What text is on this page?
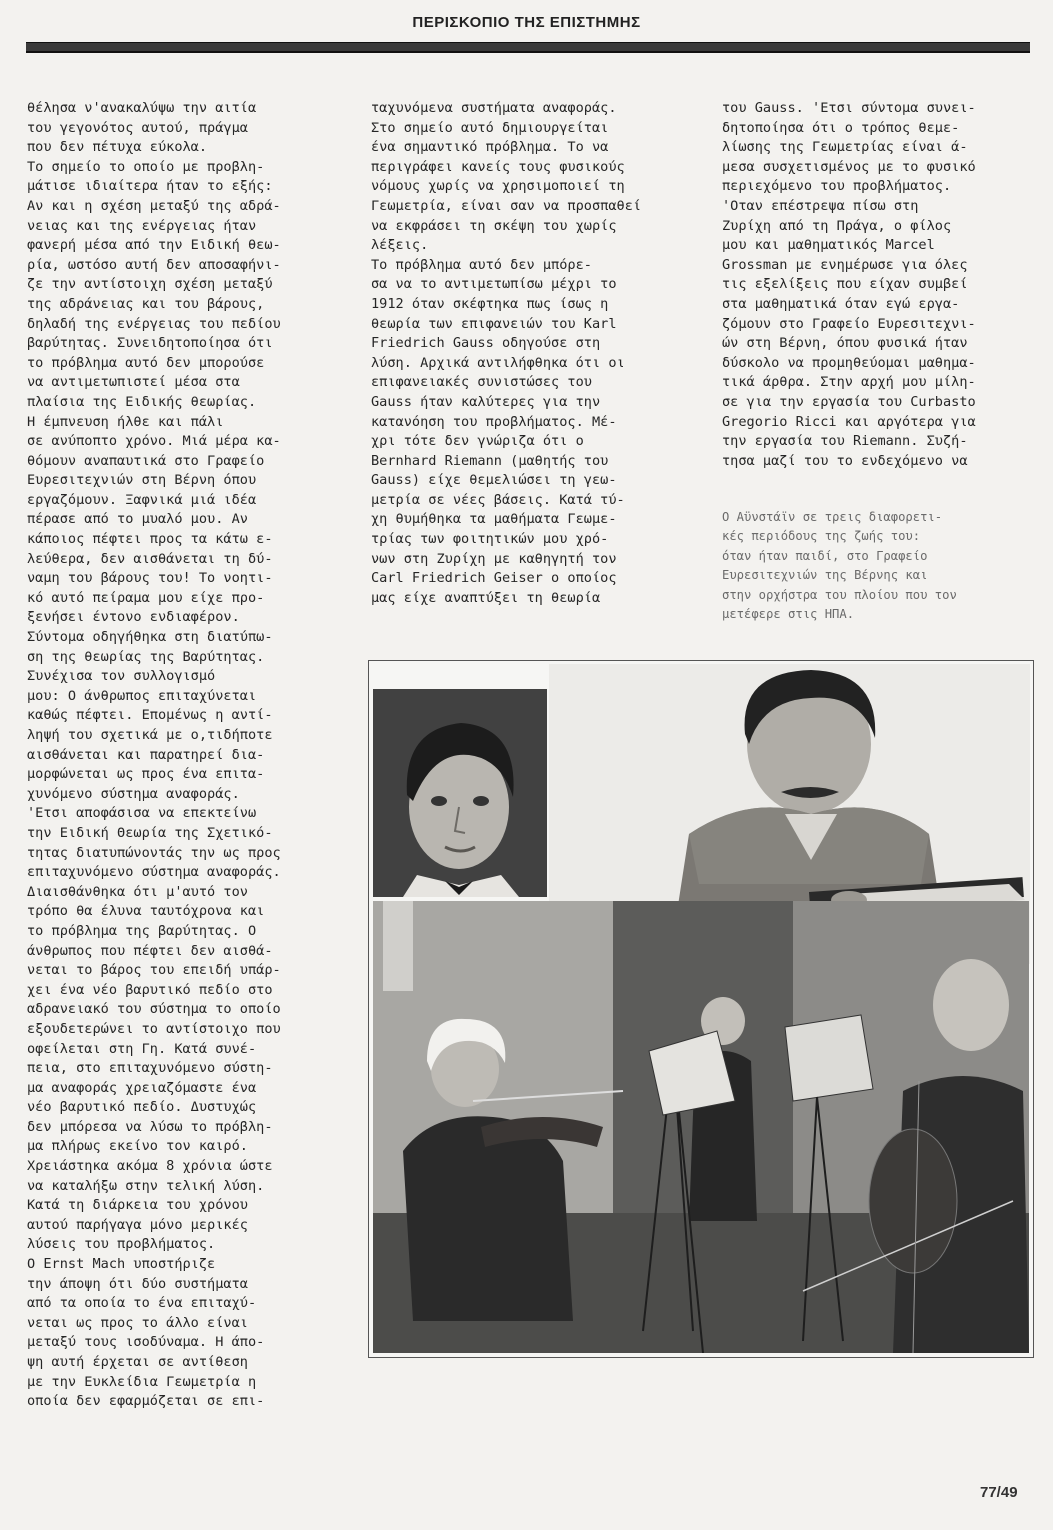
ΠΕΡΙΣΚΟΠΙΟ ΤΗΣ ΕΠΙΣΤΗΜΗΣ

θέλησα ν'ανακαλύψω την αιτία

του γεγονότος αυτού, πράγμα

που δεν πέτυχα εύκολα.

Το σημείο το οποίο με προβλη-

μάτισε ιδιαίτερα ήταν το εξής:

Αν και η σχέση μεταξύ της αδρά-

νειας και της ενέργειας ήταν

φανερή μέσα από την Ειδική θεω-

ρία, ωστόσο αυτή δεν αποσαφήνι-

ζε την αντίστοιχη σχέση μεταξύ

της αδράνειας και του βάρους,

δηλαδή της ενέργειας του πεδίου

βαρύτητας. Συνειδητοποίησα ότι

το πρόβλημα αυτό δεν μπορούσε

να αντιμετωπιστεί μέσα στα

πλαίσια της Ειδικής θεωρίας.

Η έμπνευση ήλθε και πάλι

σε ανύποπτο χρόνο. Μιά μέρα κα-

θόμουν αναπαυτικά στο Γραφείο

Ευρεσιτεχνιών στη Βέρνη όπου

εργαζόμουν. Ξαφνικά μιά ιδέα

πέρασε από το μυαλό μου. Αν

κάποιος πέφτει προς τα κάτω ε-

λεύθερα, δεν αισθάνεται τη δύ-

ναμη του βάρους του! Το νοητι-

κό αυτό πείραμα μου είχε προ-

ξενήσει έντονο ενδιαφέρον.

Σύντομα οδηγήθηκα στη διατύπω-

ση της θεωρίας της Βαρύτητας.

Συνέχισα τον συλλογισμό

μου: Ο άνθρωπος επιταχύνεται

καθώς πέφτει. Επομένως η αντί-

ληψή του σχετικά με ο,τιδήποτε

αισθάνεται και παρατηρεί δια-

μορφώνεται ως προς ένα επιτα-

χυνόμενο σύστημα αναφοράς.

'Ετσι αποφάσισα να επεκτείνω

την Ειδική Θεωρία της Σχετικό-

τητας διατυπώνοντάς την ως προς

επιταχυνόμενο σύστημα αναφοράς.

Διαισθάνθηκα ότι μ'αυτό τον

τρόπο θα έλυνα ταυτόχρονα και

το πρόβλημα της βαρύτητας. Ο

άνθρωπος που πέφτει δεν αισθά-

νεται το βάρος του επειδή υπάρ-

χει ένα νέο βαρυτικό πεδίο στο

αδρανειακό του σύστημα το οποίο

εξουδετερώνει το αντίστοιχο που

οφείλεται στη Γη. Κατά συνέ-

πεια, στο επιταχυνόμενο σύστη-

μα αναφοράς χρειαζόμαστε ένα

νέο βαρυτικό πεδίο. Δυστυχώς

δεν μπόρεσα να λύσω το πρόβλη-

μα πλήρως εκείνο τον καιρό.

Χρειάστηκα ακόμα 8 χρόνια ώστε

να καταλήξω στην τελική λύση.

Κατά τη διάρκεια του χρόνου

αυτού παρήγαγα μόνο μερικές

λύσεις του προβλήματος.

Ο Ernst Mach υποστήριζε

την άποψη ότι δύο συστήματα

από τα οποία το ένα επιταχύ-

νεται ως προς το άλλο είναι

μεταξύ τους ισοδύναμα. Η άπο-

ψη αυτή έρχεται σε αντίθεση

με την Ευκλείδια Γεωμετρία η

οποία δεν εφαρμόζεται σε επι-

ταχυνόμενα συστήματα αναφοράς.

Στο σημείο αυτό δημιουργείται

ένα σημαντικό πρόβλημα. Το να

περιγράφει κανείς τους φυσικούς

νόμους χωρίς να χρησιμοποιεί τη

Γεωμετρία, είναι σαν να προσπαθεί

να εκφράσει τη σκέψη του χωρίς

λέξεις.

Το πρόβλημα αυτό δεν μπόρε-

σα να το αντιμετωπίσω μέχρι το

1912 όταν σκέφτηκα πως ίσως η

θεωρία των επιφανειών του Karl

Friedrich Gauss οδηγούσε στη

λύση. Αρχικά αντιλήφθηκα ότι οι

επιφανειακές συνιστώσες του

Gauss ήταν καλύτερες για την

κατανόηση του προβλήματος. Μέ-

χρι τότε δεν γνώριζα ότι ο

Bernhard Riemann (μαθητής του

Gauss) είχε θεμελιώσει τη γεω-

μετρία σε νέες βάσεις. Κατά τύ-

χη θυμήθηκα τα μαθήματα Γεωμε-

τρίας των φοιτητικών μου χρό-

νων στη Ζυρίχη με καθηγητή τον

Carl Friedrich Geiser ο οποίος

μας είχε αναπτύξει τη θεωρία

του Gauss. 'Ετσι σύντομα συνει-

δητοποίησα ότι ο τρόπος θεμε-

λίωσης της Γεωμετρίας είναι ά-

μεσα συσχετισμένος με το φυσικό

περιεχόμενο του προβλήματος.

'Οταν επέστρεψα πίσω στη

Ζυρίχη από τη Πράγα, ο φίλος

μου και μαθηματικός Marcel

Grossman με ενημέρωσε για όλες

τις εξελίξεις που είχαν συμβεί

στα μαθηματικά όταν εγώ εργα-

ζόμουν στο Γραφείο Ευρεσιτεχνι-

ών στη Βέρνη, όπου φυσικά ήταν

δύσκολο να προμηθεύομαι μαθημα-

τικά άρθρα. Στην αρχή μου μίλη-

σε για την εργασία του Curbasto

Gregorio Ricci και αργότερα για

την εργασία του Riemann. Συζή-

τησα μαζί του το ενδεχόμενο να

Ο Αϋνστάϊν σε τρεις διαφορετι-
κές περιόδους της ζωής του:
όταν ήταν παιδί, στο Γραφείο
Ευρεσιτεχνιών της Βέρνης και
στην ορχήστρα του πλοίου που τον
μετέφερε στις ΗΠΑ.
77/49
